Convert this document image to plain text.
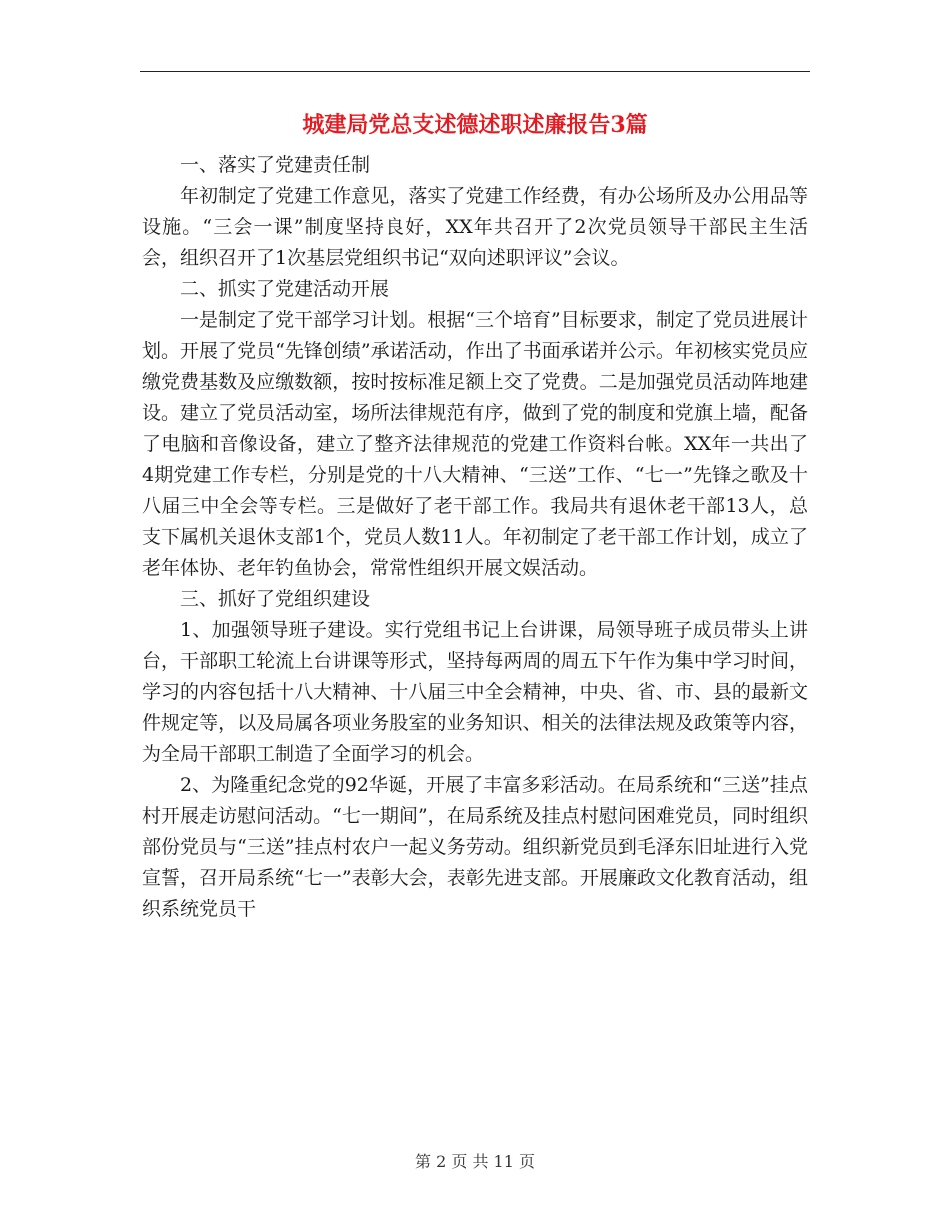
城建局党总支述德述职述廉报告3篇

一、落实了党建责任制

年初制定了党建工作意见，落实了党建工作经费，有办公场所及办公用品等设施。“三会一课”制度坚持良好，XX年共召开了2次党员领导干部民主生活会，组织召开了1次基层党组织书记“双向述职评议”会议。

二、抓实了党建活动开展

一是制定了党干部学习计划。根据“三个培育”目标要求，制定了党员进展计划。开展了党员“先锋创绩”承诺活动，作出了书面承诺并公示。年初核实党员应缴党费基数及应缴数额，按时按标准足额上交了党费。二是加强党员活动阵地建设。建立了党员活动室，场所法律规范有序，做到了党的制度和党旗上墙，配备了电脑和音像设备，建立了整齐法律规范的党建工作资料台帐。XX年一共出了4期党建工作专栏，分别是党的十八大精神、“三送”工作、“七一”先锋之歌及十八届三中全会等专栏。三是做好了老干部工作。我局共有退休老干部13人，总支下属机关退休支部1个，党员人数11人。年初制定了老干部工作计划，成立了老年体协、老年钓鱼协会，常常性组织开展文娱活动。

三、抓好了党组织建设

1、加强领导班子建设。实行党组书记上台讲课，局领导班子成员带头上讲台，干部职工轮流上台讲课等形式，坚持每两周的周五下午作为集中学习时间，学习的内容包括十八大精神、十八届三中全会精神，中央、省、市、县的最新文件规定等，以及局属各项业务股室的业务知识、相关的法律法规及政策等内容，为全局干部职工制造了全面学习的机会。

2、为隆重纪念党的92华诞，开展了丰富多彩活动。在局系统和“三送”挂点村开展走访慰问活动。“七一期间”，在局系统及挂点村慰问困难党员，同时组织部份党员与“三送”挂点村农户一起义务劳动。组织新党员到毛泽东旧址进行入党宣誓，召开局系统“七一”表彰大会，表彰先进支部。开展廉政文化教育活动，组织系统党员干

第 2 页 共 11 页
